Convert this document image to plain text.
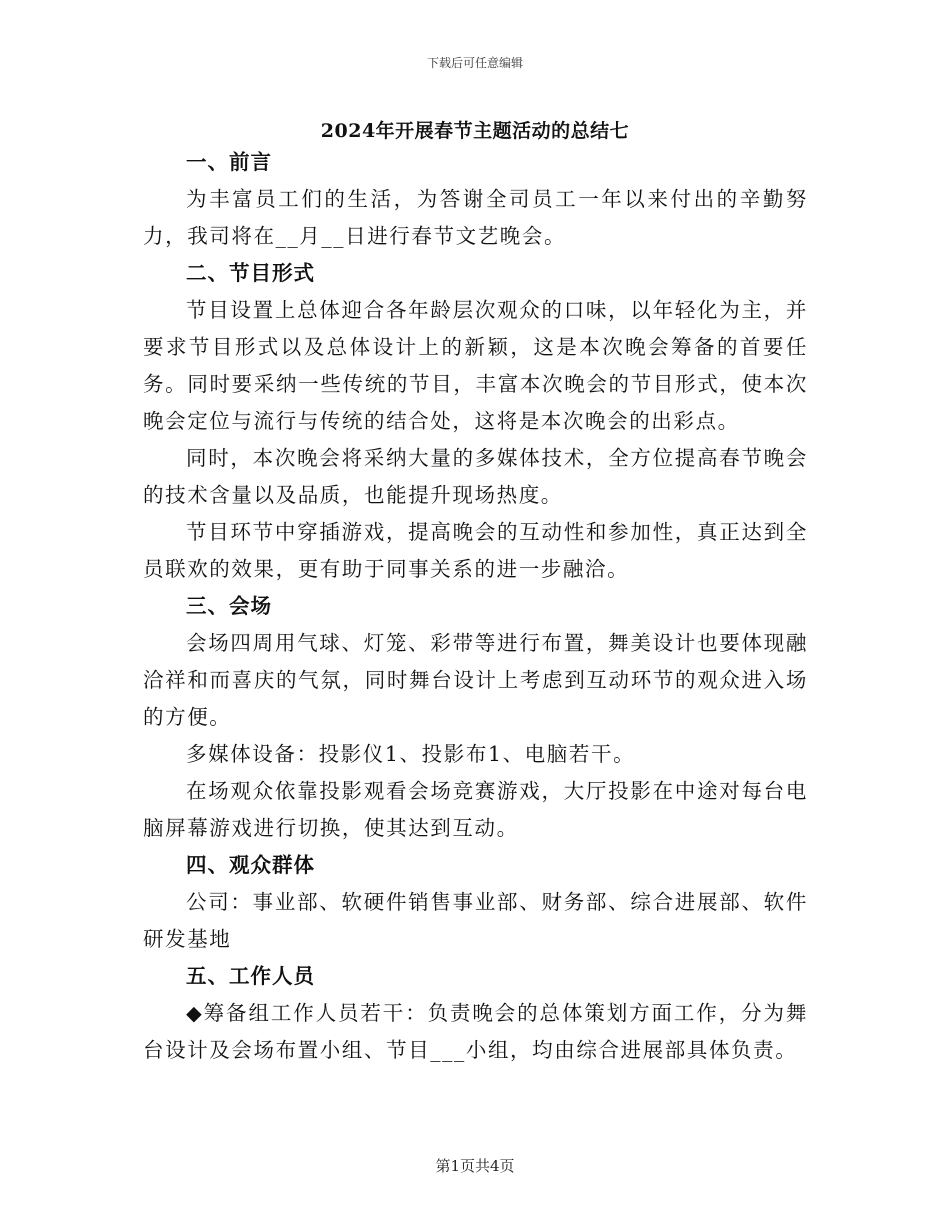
下载后可任意编辑
2024年开展春节主题活动的总结七

一、前言

为丰富员工们的生活，为答谢全司员工一年以来付出的辛勤努力，我司将在__月__日进行春节文艺晚会。

二、节目形式

节目设置上总体迎合各年龄层次观众的口味，以年轻化为主，并要求节目形式以及总体设计上的新颖，这是本次晚会筹备的首要任务。同时要采纳一些传统的节目，丰富本次晚会的节目形式，使本次晚会定位与流行与传统的结合处，这将是本次晚会的出彩点。

同时，本次晚会将采纳大量的多媒体技术，全方位提高春节晚会的技术含量以及品质，也能提升现场热度。

节目环节中穿插游戏，提高晚会的互动性和参加性，真正达到全员联欢的效果，更有助于同事关系的进一步融洽。

三、会场

会场四周用气球、灯笼、彩带等进行布置，舞美设计也要体现融洽祥和而喜庆的气氛，同时舞台设计上考虑到互动环节的观众进入场的方便。

多媒体设备：投影仪1、投影布1、电脑若干。

在场观众依靠投影观看会场竞赛游戏，大厅投影在中途对每台电脑屏幕游戏进行切换，使其达到互动。

四、观众群体

公司：事业部、软硬件销售事业部、财务部、综合进展部、软件研发基地

五、工作人员

◆筹备组工作人员若干：负责晚会的总体策划方面工作，分为舞台设计及会场布置小组、节目___小组，均由综合进展部具体负责。

第1页共4页
